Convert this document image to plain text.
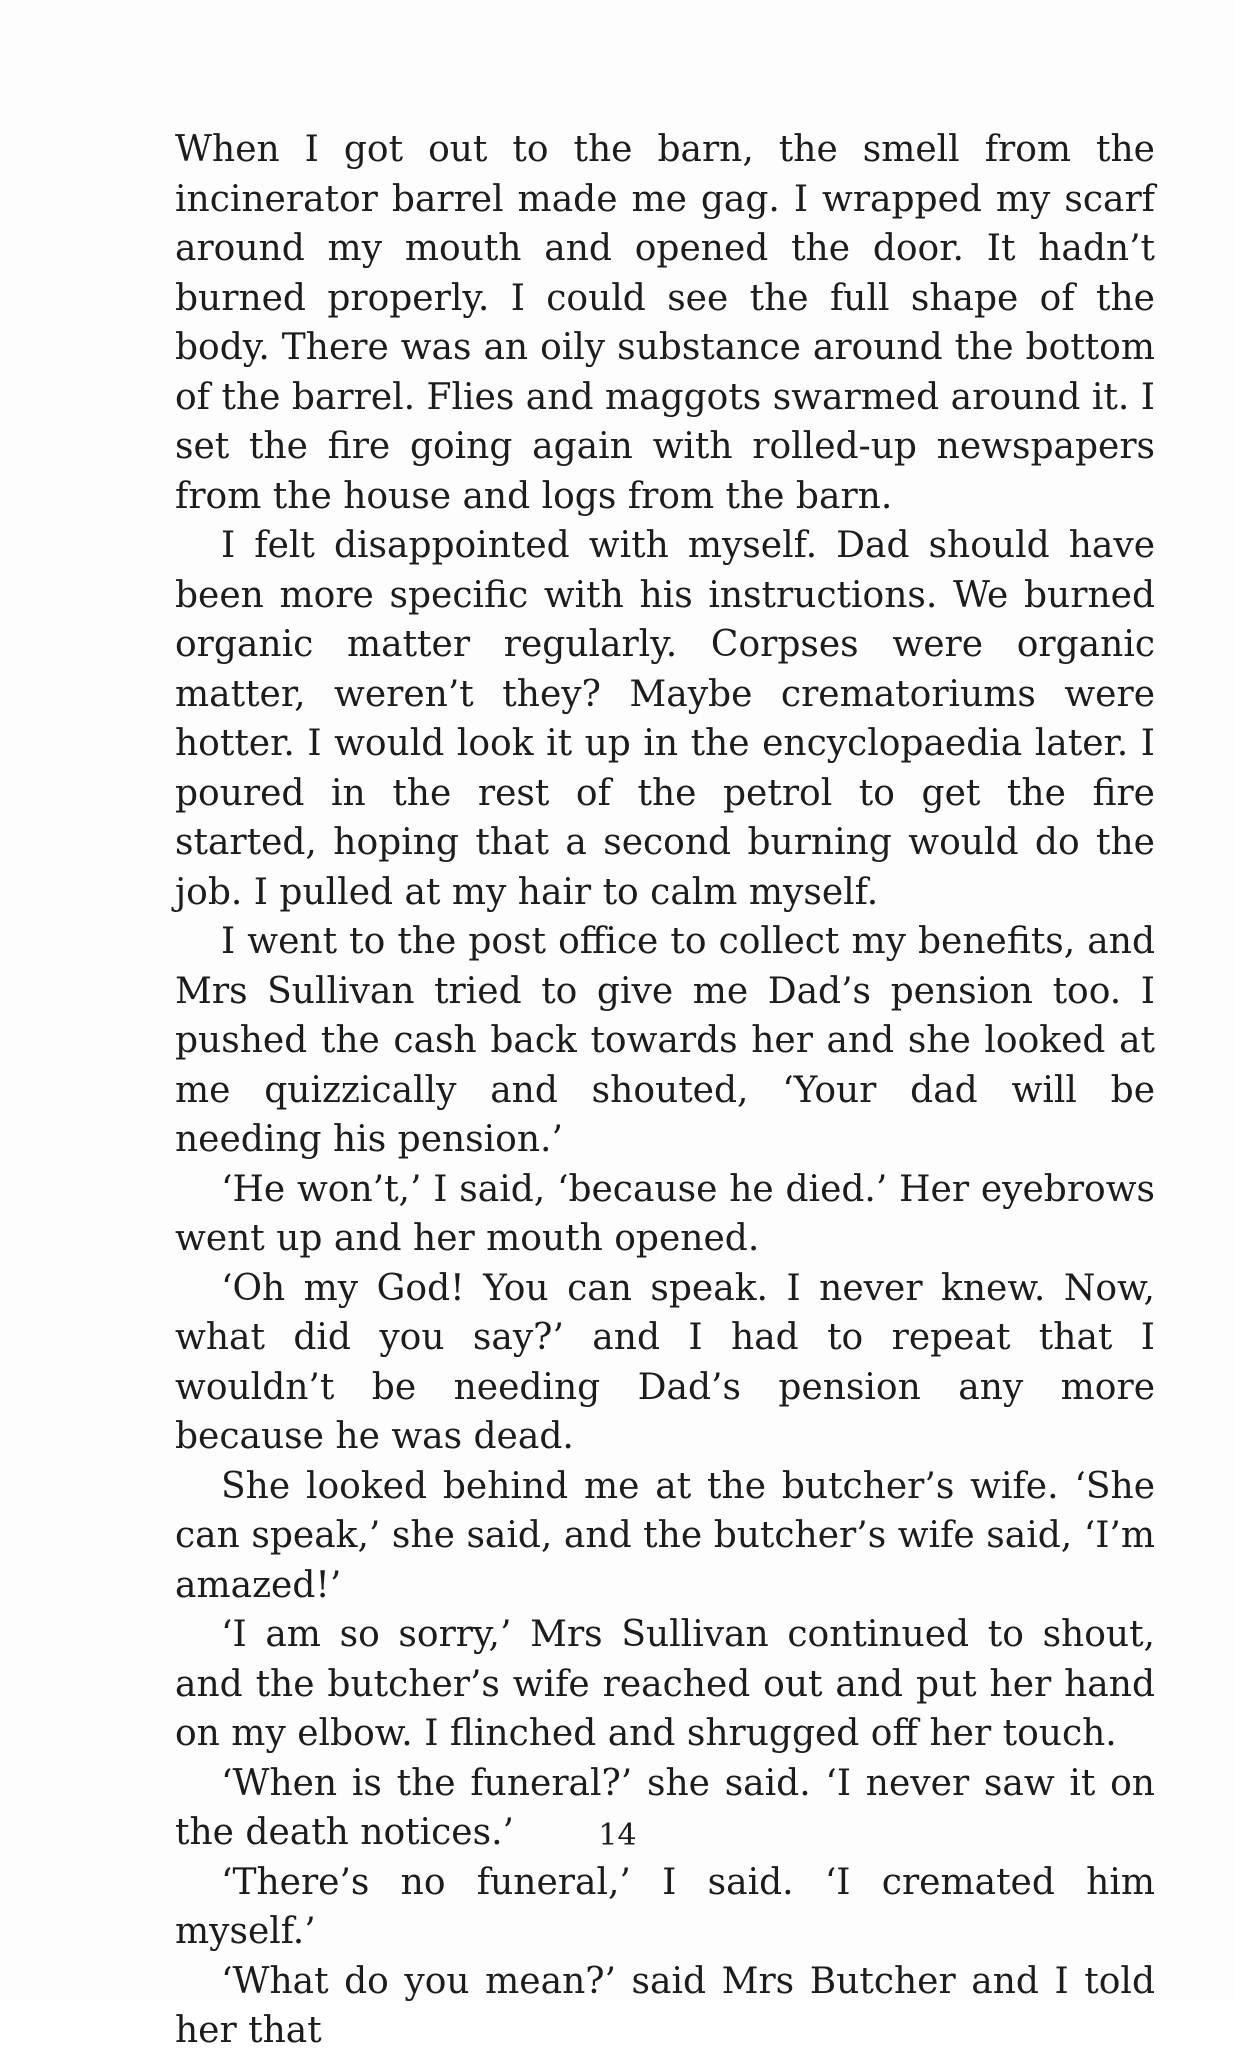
When I got out to the barn, the smell from the incinerator barrel made me gag. I wrapped my scarf around my mouth and opened the door. It hadn’t burned properly. I could see the full shape of the body. There was an oily substance around the bottom of the barrel. Flies and maggots swarmed around it. I set the fire going again with rolled-up newspapers from the house and logs from the barn.

I felt disappointed with myself. Dad should have been more specific with his instructions. We burned organic matter regularly. Corpses were organic matter, weren’t they? Maybe crematoriums were hotter. I would look it up in the encyclopaedia later. I poured in the rest of the petrol to get the fire started, hoping that a second burning would do the job. I pulled at my hair to calm myself.

I went to the post office to collect my benefits, and Mrs Sullivan tried to give me Dad’s pension too. I pushed the cash back towards her and she looked at me quizzically and shouted, ‘Your dad will be needing his pension.’

‘He won’t,’ I said, ‘because he died.’ Her eyebrows went up and her mouth opened.

‘Oh my God! You can speak. I never knew. Now, what did you say?’ and I had to repeat that I wouldn’t be needing Dad’s pension any more because he was dead.

She looked behind me at the butcher’s wife. ‘She can speak,’ she said, and the butcher’s wife said, ‘I’m amazed!’

‘I am so sorry,’ Mrs Sullivan continued to shout, and the butcher’s wife reached out and put her hand on my elbow. I flinched and shrugged off her touch.

‘When is the funeral?’ she said. ‘I never saw it on the death notices.’

‘There’s no funeral,’ I said. ‘I cremated him myself.’

‘What do you mean?’ said Mrs Butcher and I told her that

14
